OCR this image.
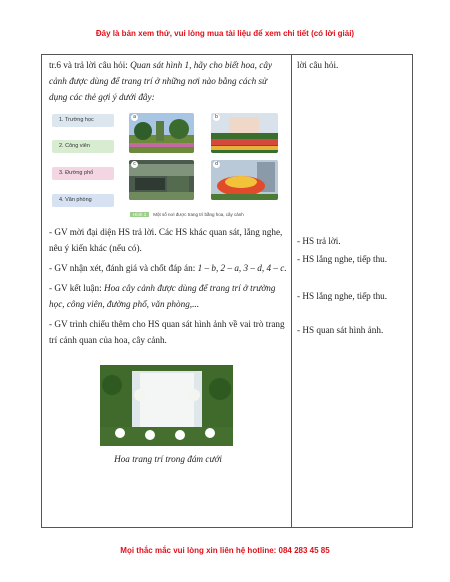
Đây là bản xem thử, vui lòng mua tài liệu để xem chi tiết (có lời giải)

tr.6 và trả lời câu hỏi: Quan sát hình 1, hãy cho biết hoa, cây cảnh được dùng để trang trí ở những nơi nào bằng cách sử dụng các thẻ gợi ý dưới đây:

1. Trường học
2. Công viên
3. Đường phố
4. Văn phòng
a	b
c	d
Hình 1 Một số nơi được trang trí bằng hoa, cây cảnh

- GV mời đại diện HS trả lời. Các HS khác quan sát, lắng nghe, nêu ý kiến khác (nếu có).

- GV nhận xét, đánh giá và chốt đáp án: 1 – b, 2 – a, 3 – d, 4 – c.

- GV kết luận: Hoa cây cảnh được dùng để trang trí ở trường học, công viên, đường phố, văn phòng,...

- GV trình chiếu thêm cho HS quan sát hình ảnh về vai trò trang trí cảnh quan của hoa, cây cảnh.

Hoa trang trí trong đám cưới
lời câu hỏi.
- HS trả lời.
- HS lắng nghe, tiếp thu.
- HS lắng nghe, tiếp thu.
- HS quan sát hình ảnh.
Mọi thắc mắc vui lòng xin liên hệ hotline: 084 283 45 85
